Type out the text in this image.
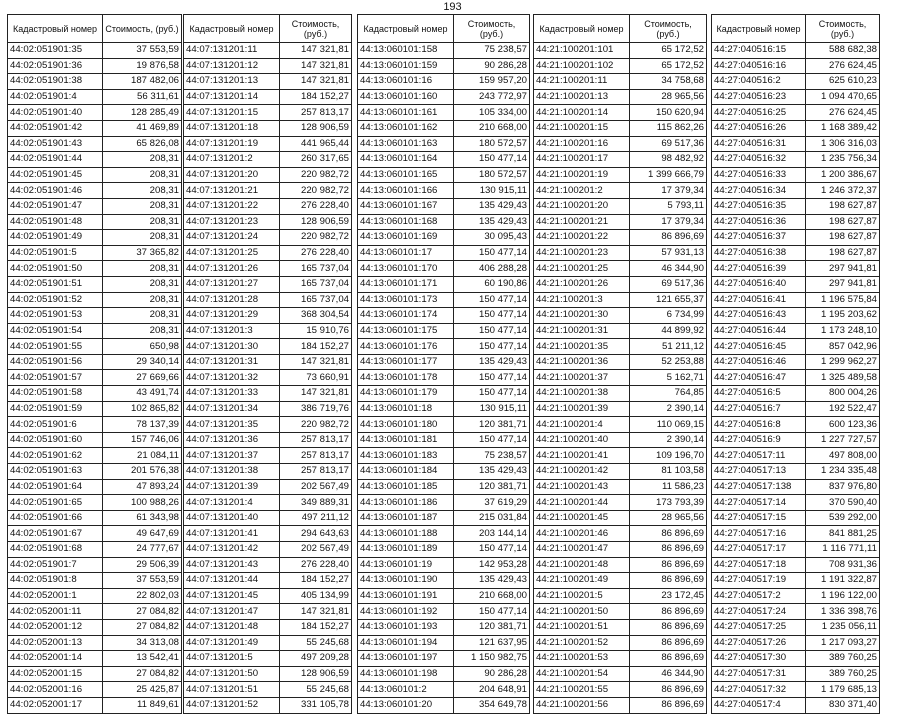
193
Кадастровый номер	Стоимость, (руб.)
44:02:051901:35	37 553,59
44:02:051901:36	19 876,58
44:02:051901:38	187 482,06
44:02:051901:4	56 311,61
44:02:051901:40	128 285,49
44:02:051901:42	41 469,89
44:02:051901:43	65 826,08
44:02:051901:44	208,31
44:02:051901:45	208,31
44:02:051901:46	208,31
44:02:051901:47	208,31
44:02:051901:48	208,31
44:02:051901:49	208,31
44:02:051901:5	37 365,82
44:02:051901:50	208,31
44:02:051901:51	208,31
44:02:051901:52	208,31
44:02:051901:53	208,31
44:02:051901:54	208,31
44:02:051901:55	650,98
44:02:051901:56	29 340,14
44:02:051901:57	27 669,66
44:02:051901:58	43 491,74
44:02:051901:59	102 865,82
44:02:051901:6	78 137,39
44:02:051901:60	157 746,06
44:02:051901:62	21 084,11
44:02:051901:63	201 576,38
44:02:051901:64	47 893,24
44:02:051901:65	100 988,26
44:02:051901:66	61 343,98
44:02:051901:67	49 647,69
44:02:051901:68	24 777,67
44:02:051901:7	29 506,39
44:02:051901:8	37 553,59
44:02:052001:1	22 802,03
44:02:052001:11	27 084,82
44:02:052001:12	27 084,82
44:02:052001:13	34 313,08
44:02:052001:14	13 542,41
44:02:052001:15	27 084,82
44:02:052001:16	25 425,87
44:02:052001:17	11 849,61
Кадастровый номер	Стоимость, (руб.)
44:07:131201:11	147 321,81
44:07:131201:12	147 321,81
44:07:131201:13	147 321,81
44:07:131201:14	184 152,27
44:07:131201:15	257 813,17
44:07:131201:18	128 906,59
44:07:131201:19	441 965,44
44:07:131201:2	260 317,65
44:07:131201:20	220 982,72
44:07:131201:21	220 982,72
44:07:131201:22	276 228,40
44:07:131201:23	128 906,59
44:07:131201:24	220 982,72
44:07:131201:25	276 228,40
44:07:131201:26	165 737,04
44:07:131201:27	165 737,04
44:07:131201:28	165 737,04
44:07:131201:29	368 304,54
44:07:131201:3	15 910,76
44:07:131201:30	184 152,27
44:07:131201:31	147 321,81
44:07:131201:32	73 660,91
44:07:131201:33	147 321,81
44:07:131201:34	386 719,76
44:07:131201:35	220 982,72
44:07:131201:36	257 813,17
44:07:131201:37	257 813,17
44:07:131201:38	257 813,17
44:07:131201:39	202 567,49
44:07:131201:4	349 889,31
44:07:131201:40	497 211,12
44:07:131201:41	294 643,63
44:07:131201:42	202 567,49
44:07:131201:43	276 228,40
44:07:131201:44	184 152,27
44:07:131201:45	405 134,99
44:07:131201:47	147 321,81
44:07:131201:48	184 152,27
44:07:131201:49	55 245,68
44:07:131201:5	497 209,28
44:07:131201:50	128 906,59
44:07:131201:51	55 245,68
44:07:131201:52	331 105,78
Кадастровый номер	Стоимость, (руб.)
44:13:060101:158	75 238,57
44:13:060101:159	90 286,28
44:13:060101:16	159 957,20
44:13:060101:160	243 772,97
44:13:060101:161	105 334,00
44:13:060101:162	210 668,00
44:13:060101:163	180 572,57
44:13:060101:164	150 477,14
44:13:060101:165	180 572,57
44:13:060101:166	130 915,11
44:13:060101:167	135 429,43
44:13:060101:168	135 429,43
44:13:060101:169	30 095,43
44:13:060101:17	150 477,14
44:13:060101:170	406 288,28
44:13:060101:171	60 190,86
44:13:060101:173	150 477,14
44:13:060101:174	150 477,14
44:13:060101:175	150 477,14
44:13:060101:176	150 477,14
44:13:060101:177	135 429,43
44:13:060101:178	150 477,14
44:13:060101:179	150 477,14
44:13:060101:18	130 915,11
44:13:060101:180	120 381,71
44:13:060101:181	150 477,14
44:13:060101:183	75 238,57
44:13:060101:184	135 429,43
44:13:060101:185	120 381,71
44:13:060101:186	37 619,29
44:13:060101:187	215 031,84
44:13:060101:188	203 144,14
44:13:060101:189	150 477,14
44:13:060101:19	142 953,28
44:13:060101:190	135 429,43
44:13:060101:191	210 668,00
44:13:060101:192	150 477,14
44:13:060101:193	120 381,71
44:13:060101:194	121 637,95
44:13:060101:197	1 150 982,75
44:13:060101:198	90 286,28
44:13:060101:2	204 648,91
44:13:060101:20	354 649,78
Кадастровый номер	Стоимость, (руб.)
44:21:100201:101	65 172,52
44:21:100201:102	65 172,52
44:21:100201:11	34 758,68
44:21:100201:13	28 965,56
44:21:100201:14	150 620,94
44:21:100201:15	115 862,26
44:21:100201:16	69 517,36
44:21:100201:17	98 482,92
44:21:100201:19	1 399 666,79
44:21:100201:2	17 379,34
44:21:100201:20	5 793,11
44:21:100201:21	17 379,34
44:21:100201:22	86 896,69
44:21:100201:23	57 931,13
44:21:100201:25	46 344,90
44:21:100201:26	69 517,36
44:21:100201:3	121 655,37
44:21:100201:30	6 734,99
44:21:100201:31	44 899,92
44:21:100201:35	51 211,12
44:21:100201:36	52 253,88
44:21:100201:37	5 162,71
44:21:100201:38	764,85
44:21:100201:39	2 390,14
44:21:100201:4	110 069,15
44:21:100201:40	2 390,14
44:21:100201:41	109 196,70
44:21:100201:42	81 103,58
44:21:100201:43	11 586,23
44:21:100201:44	173 793,39
44:21:100201:45	28 965,56
44:21:100201:46	86 896,69
44:21:100201:47	86 896,69
44:21:100201:48	86 896,69
44:21:100201:49	86 896,69
44:21:100201:5	23 172,45
44:21:100201:50	86 896,69
44:21:100201:51	86 896,69
44:21:100201:52	86 896,69
44:21:100201:53	86 896,69
44:21:100201:54	46 344,90
44:21:100201:55	86 896,69
44:21:100201:56	86 896,69
Кадастровый номер	Стоимость, (руб.)
44:27:040516:15	588 682,38
44:27:040516:16	276 624,45
44:27:040516:2	625 610,23
44:27:040516:23	1 094 470,65
44:27:040516:25	276 624,45
44:27:040516:26	1 168 389,42
44:27:040516:31	1 306 316,03
44:27:040516:32	1 235 756,34
44:27:040516:33	1 200 386,67
44:27:040516:34	1 246 372,37
44:27:040516:35	198 627,87
44:27:040516:36	198 627,87
44:27:040516:37	198 627,87
44:27:040516:38	198 627,87
44:27:040516:39	297 941,81
44:27:040516:40	297 941,81
44:27:040516:41	1 196 575,84
44:27:040516:43	1 195 203,62
44:27:040516:44	1 173 248,10
44:27:040516:45	857 042,96
44:27:040516:46	1 299 962,27
44:27:040516:47	1 325 489,58
44:27:040516:5	800 004,26
44:27:040516:7	192 522,47
44:27:040516:8	600 123,36
44:27:040516:9	1 227 727,57
44:27:040517:11	497 808,00
44:27:040517:13	1 234 335,48
44:27:040517:138	837 976,80
44:27:040517:14	370 590,40
44:27:040517:15	539 292,00
44:27:040517:16	841 881,25
44:27:040517:17	1 116 771,11
44:27:040517:18	708 931,36
44:27:040517:19	1 191 322,87
44:27:040517:2	1 196 122,00
44:27:040517:24	1 336 398,76
44:27:040517:25	1 235 056,11
44:27:040517:26	1 217 093,27
44:27:040517:30	389 760,25
44:27:040517:31	389 760,25
44:27:040517:32	1 179 685,13
44:27:040517:4	830 371,40
